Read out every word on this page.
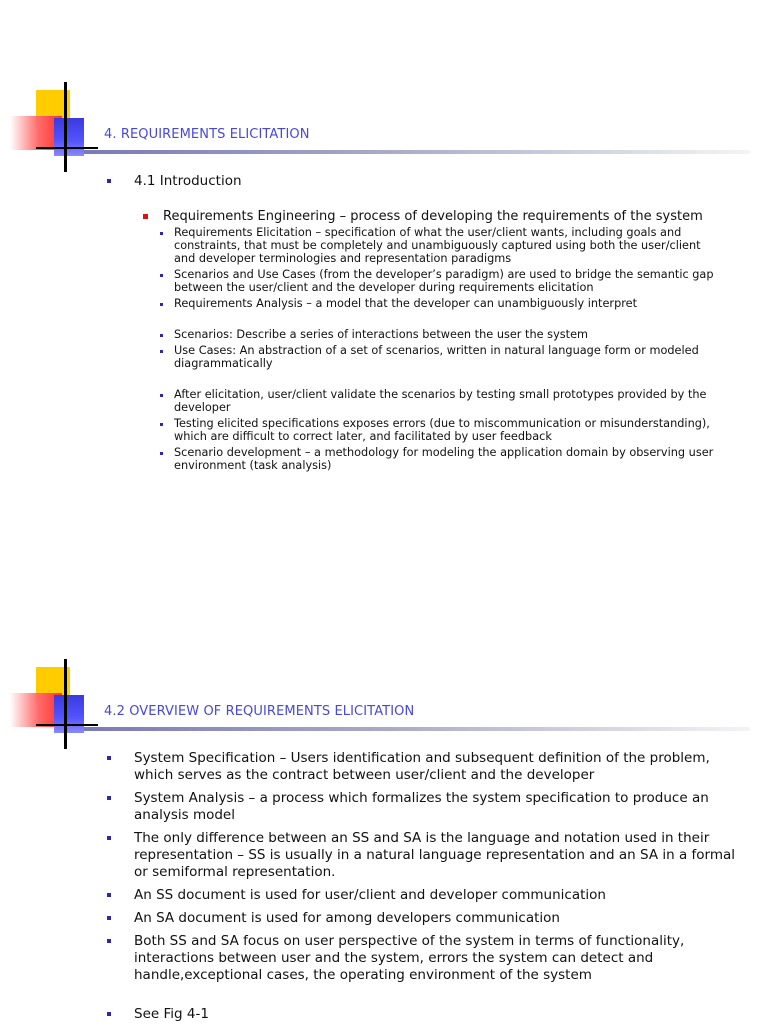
4. REQUIREMENTS ELICITATION
4.1 Introduction
Requirements Engineering – process of developing the requirements of the system
Requirements Elicitation – specification of what the user/client wants, including goals and constraints, that must be completely and unambiguously captured using both the user/client and developer terminologies and representation paradigms
Scenarios and Use Cases (from the developer’s paradigm) are used to bridge the semantic gap between the user/client and the developer during requirements elicitation
Requirements Analysis – a model that the developer can unambiguously interpret
Scenarios: Describe a series of interactions between the user the system
Use Cases: An abstraction of a set of scenarios, written in natural language form or modeled diagrammatically
After elicitation, user/client validate the scenarios by testing small prototypes provided by the developer
Testing elicited specifications exposes errors (due to miscommunication or misunderstanding), which are difficult to correct later, and facilitated by user feedback
Scenario development – a methodology for modeling the application domain by observing user environment (task analysis)
4.2 OVERVIEW OF REQUIREMENTS ELICITATION
System Specification – Users identification and subsequent definition of the problem, which serves as the contract between user/client and the developer
System Analysis – a process which formalizes the system specification to produce an analysis model
The only difference between an SS and SA is the language and notation used in their representation – SS is usually in a natural language representation and an SA in a formal or semiformal representation.
An SS document is used for user/client and developer communication
An SA document is used for among developers communication
Both SS and SA focus on user perspective of the system in terms of functionality, interactions between user and the system, errors the system can detect and handle,exceptional cases, the operating environment of the system
See Fig 4-1
